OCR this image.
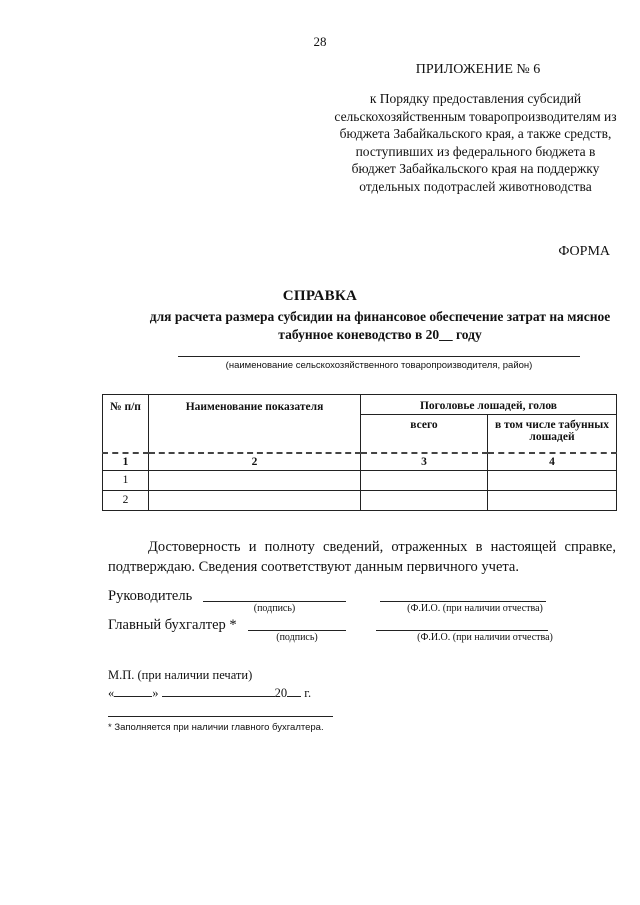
28
ПРИЛОЖЕНИЕ № 6
к Порядку предоставления субсидий сельскохозяйственным товаропроизводителям из бюджета Забайкальского края, а также средств, поступивших из федерального бюджета в бюджет Забайкальского края на поддержку отдельных подотраслей животноводства
ФОРМА
СПРАВКА
для расчета размера субсидии на финансовое обеспечение затрат на мясное табунное коневодство в 20__ году
(наименование сельскохозяйственного товаропроизводителя, район)
№ п/п	Наименование показателя	Поголовье лошадей, голов	
		всего	в том числе табунных лошадей
1	2	3	4
1			
2			
Достоверность и полноту сведений, отраженных в настоящей справке, подтверждаю. Сведения соответствуют данным первичного учета.
Руководитель
(подпись)	(Ф.И.О. (при наличии отчества)
Главный бухгалтер *
(подпись)	(Ф.И.О. (при наличии отчества)
М.П. (при наличии печати)
«	»	20 г.
* Заполняется при наличии главного бухгалтера.
